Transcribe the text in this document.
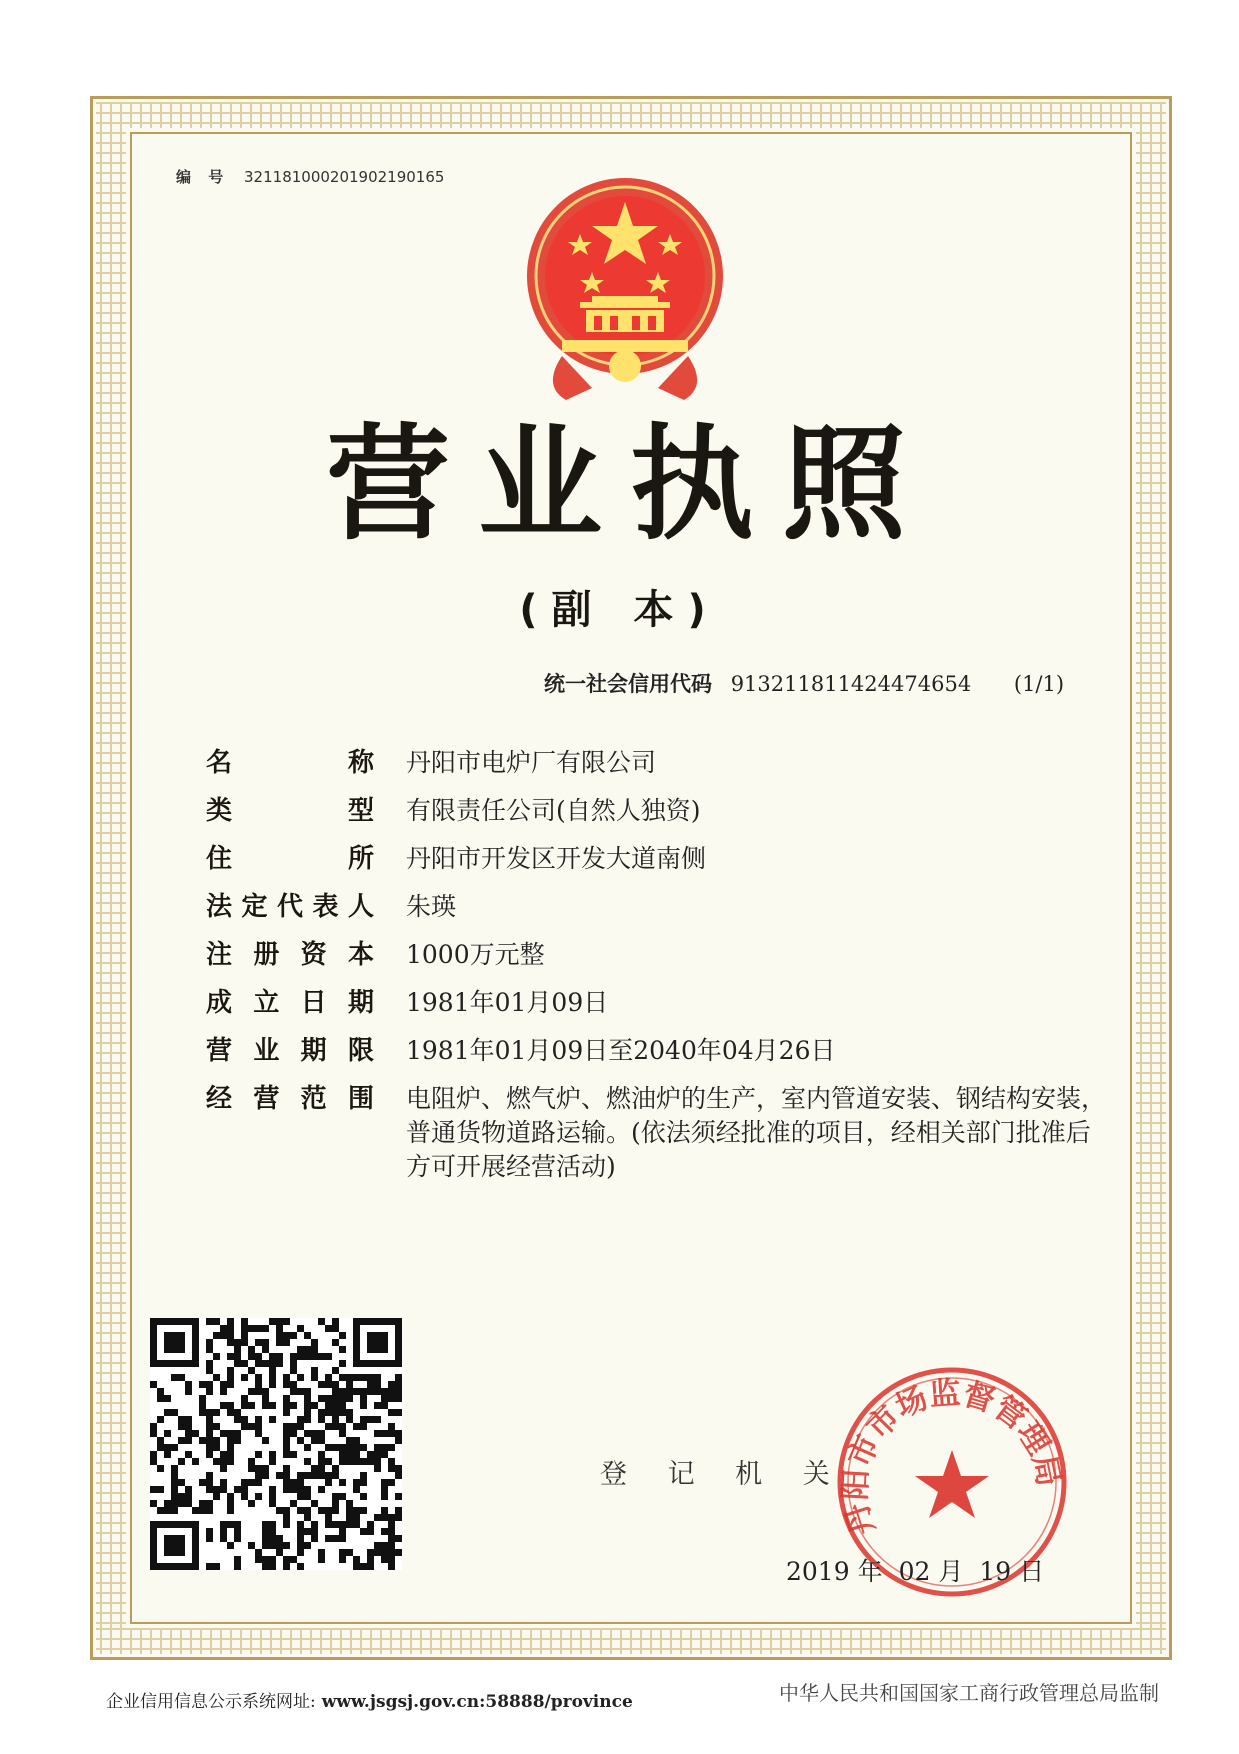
编 号 32118100020190219016​5
营业执照
(副 本)
统一社会信用代码 913211811424474654 (1/1)
名	称 丹阳市电炉厂有限公司
类	型 有限责任公司(自然人独资)
住	所 丹阳市开发区开发大道南侧
法 定 代 表 人 朱瑛
注 册 资 本 1000万元整
成 立 日 期 1981年01月09日
营 业 期 限 1981年01月09日至2040年04月26日
经 营 范 围 电阻炉、燃气炉、燃油炉的生产，室内管道安装、钢结构安装，普通货物道路运输。(依法须经批准的项目，经相关部门批准后方可开展经营活动)
登 记 机 关
丹阳市市场监督管理局
2019 年 02 月 19 日
企业信用信息公示系统网址: www.jsgsj.gov.cn:58888/province	中华人民共和国国家工商行政管理总局监制
